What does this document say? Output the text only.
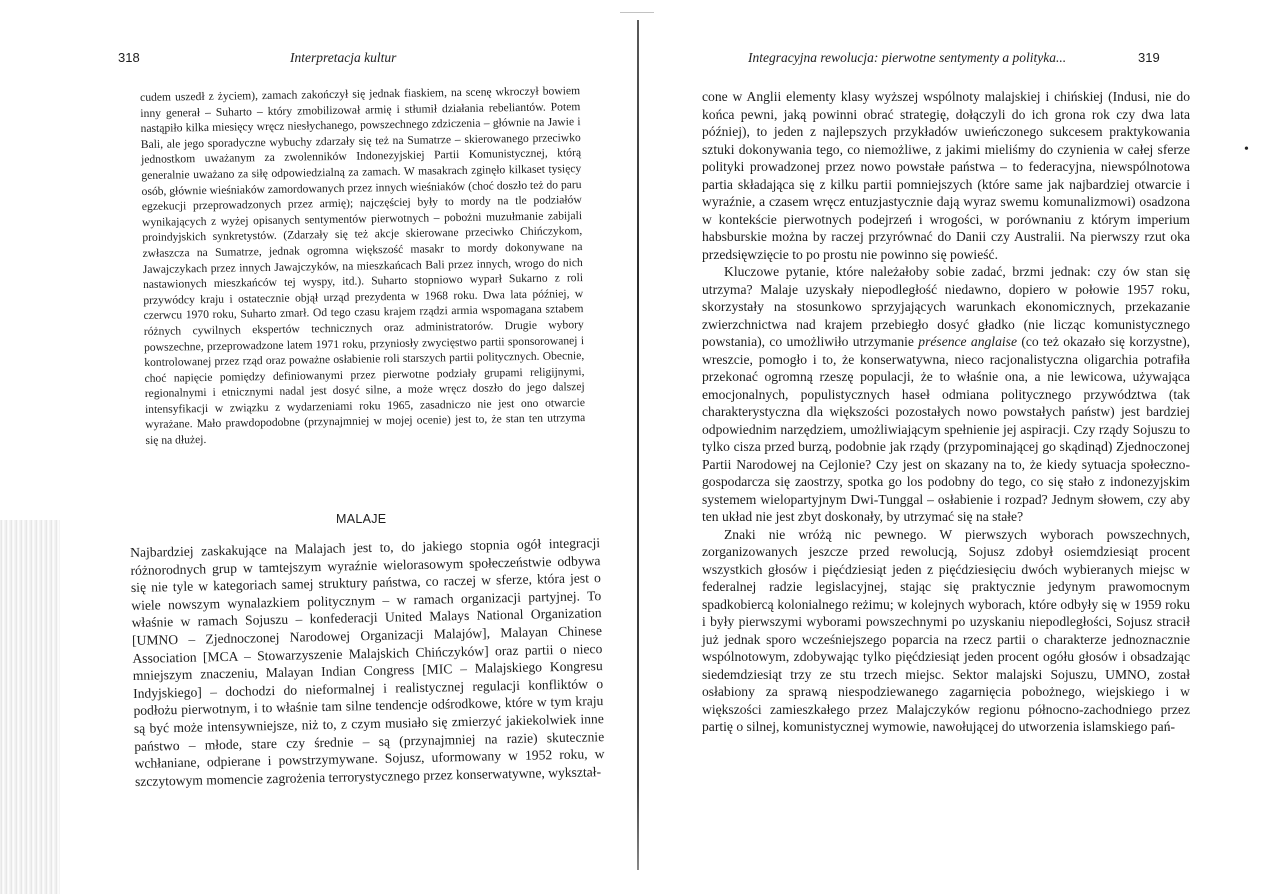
318	Interpretacja kultur

cudem uszedł z życiem), zamach zakończył się jednak fiaskiem, na scenę wkroczył bowiem inny generał – Suharto – który zmobilizował armię i stłumił działania rebeliantów. Potem nastąpiło kilka miesięcy wręcz niesłychanego, powszechnego zdziczenia – głównie na Jawie i Bali, ale jego sporadyczne wybuchy zdarzały się też na Sumatrze – skierowanego przeciwko jednostkom uważanym za zwolenników Indonezyjskiej Partii Komunistycznej, którą generalnie uważano za siłę odpowiedzialną za zamach. W masakrach zginęło kilkaset tysięcy osób, głównie wieśniaków zamordowanych przez innych wieśniaków (choć doszło też do paru egzekucji przeprowadzonych przez armię); najczęściej były to mordy na tle podziałów wynikających z wyżej opisanych sentymentów pierwotnych – pobożni muzułmanie zabijali proindyjskich synkretystów. (Zdarzały się też akcje skierowane przeciwko Chińczykom, zwłaszcza na Sumatrze, jednak ogromna większość masakr to mordy dokonywane na Jawajczykach przez innych Jawajczyków, na mieszkańcach Bali przez innych, wrogo do nich nastawionych mieszkańców tej wyspy, itd.). Suharto stopniowo wyparł Sukarno z roli przywódcy kraju i ostatecznie objął urząd prezydenta w 1968 roku. Dwa lata później, w czerwcu 1970 roku, Suharto zmarł. Od tego czasu krajem rządzi armia wspomagana sztabem różnych cywilnych ekspertów technicznych oraz administratorów. Drugie wybory powszechne, przeprowadzone latem 1971 roku, przyniosły zwycięstwo partii sponsorowanej i kontrolowanej przez rząd oraz poważne osłabienie roli starszych partii politycznych. Obecnie, choć napięcie pomiędzy definiowanymi przez pierwotne podziały grupami religijnymi, regionalnymi i etnicznymi nadal jest dosyć silne, a może wręcz doszło do jego dalszej intensyfikacji w związku z wydarzeniami roku 1965, zasadniczo nie jest ono otwarcie wyrażane. Mało prawdopodobne (przynajmniej w mojej ocenie) jest to, że stan ten utrzyma się na dłużej.

MALAJE

Najbardziej zaskakujące na Malajach jest to, do jakiego stopnia ogół integracji różnorodnych grup w tamtejszym wyraźnie wielorasowym społeczeństwie odbywa się nie tyle w kategoriach samej struktury państwa, co raczej w sferze, która jest o wiele nowszym wynalazkiem politycznym – w ramach organizacji partyjnej. To właśnie w ramach Sojuszu – konfederacji United Malays National Organization [UMNO – Zjednoczonej Narodowej Organizacji Malajów], Malayan Chinese Association [MCA – Stowarzyszenie Malajskich Chińczyków] oraz partii o nieco mniejszym znaczeniu, Malayan Indian Congress [MIC – Malajskiego Kongresu Indyjskiego] – dochodzi do nieformalnej i realistycznej regulacji konfliktów o podłożu pierwotnym, i to właśnie tam silne tendencje odśrodkowe, które w tym kraju są być może intensywniejsze, niż to, z czym musiało się zmierzyć jakiekolwiek inne państwo – młode, stare czy średnie – są (przynajmniej na razie) skutecznie wchłaniane, odpierane i powstrzymywane. Sojusz, uformowany w 1952 roku, w szczytowym momencie zagrożenia terrorystycznego przez konserwatywne, wykształ-

Integracyjna rewolucja: pierwotne sentymenty a polityka...	319

cone w Anglii elementy klasy wyższej wspólnoty malajskiej i chińskiej (Indusi, nie do końca pewni, jaką powinni obrać strategię, dołączyli do ich grona rok czy dwa lata później), to jeden z najlepszych przykładów uwieńczonego sukcesem praktykowania sztuki dokonywania tego, co niemożliwe, z jakimi mieliśmy do czynienia w całej sferze polityki prowadzonej przez nowo powstałe państwa – to federacyjna, niewspólnotowa partia składająca się z kilku partii pomniejszych (które same jak najbardziej otwarcie i wyraźnie, a czasem wręcz entuzjastycznie dają wyraz swemu komunalizmowi) osadzona w kontekście pierwotnych podejrzeń i wrogości, w porównaniu z którym imperium habsburskie można by raczej przyrównać do Danii czy Australii. Na pierwszy rzut oka przedsięwzięcie to po prostu nie powinno się powieść.

Kluczowe pytanie, które należałoby sobie zadać, brzmi jednak: czy ów stan się utrzyma? Malaje uzyskały niepodległość niedawno, dopiero w połowie 1957 roku, skorzystały na stosunkowo sprzyjających warunkach ekonomicznych, przekazanie zwierzchnictwa nad krajem przebiegło dosyć gładko (nie licząc komunistycznego powstania), co umożliwiło utrzymanie présence anglaise (co też okazało się korzystne), wreszcie, pomogło i to, że konserwatywna, nieco racjonalistyczna oligarchia potrafiła przekonać ogromną rzeszę populacji, że to właśnie ona, a nie lewicowa, używająca emocjonalnych, populistycznych haseł odmiana politycznego przywództwa (tak charakterystyczna dla większości pozostałych nowo powstałych państw) jest bardziej odpowiednim narzędziem, umożliwiającym spełnienie jej aspiracji. Czy rządy Sojuszu to tylko cisza przed burzą, podobnie jak rządy (przypominającej go skądinąd) Zjednoczonej Partii Narodowej na Cejlonie? Czy jest on skazany na to, że kiedy sytuacja społeczno-gospodarcza się zaostrzy, spotka go los podobny do tego, co się stało z indonezyjskim systemem wielopartyjnym Dwi-Tunggal – osłabienie i rozpad? Jednym słowem, czy aby ten układ nie jest zbyt doskonały, by utrzymać się na stałe?

Znaki nie wróżą nic pewnego. W pierwszych wyborach powszechnych, zorganizowanych jeszcze przed rewolucją, Sojusz zdobył osiemdziesiąt procent wszystkich głosów i pięćdziesiąt jeden z pięćdziesięciu dwóch wybieranych miejsc w federalnej radzie legislacyjnej, stając się praktycznie jedynym prawomocnym spadkobiercą kolonialnego reżimu; w kolejnych wyborach, które odbyły się w 1959 roku i były pierwszymi wyborami powszechnymi po uzyskaniu niepodległości, Sojusz stracił już jednak sporo wcześniejszego poparcia na rzecz partii o charakterze jednoznacznie wspólnotowym, zdobywając tylko pięćdziesiąt jeden procent ogółu głosów i obsadzając siedemdziesiąt trzy ze stu trzech miejsc. Sektor malajski Sojuszu, UMNO, został osłabiony za sprawą niespodziewanego zagarnięcia pobożnego, wiejskiego i w większości zamieszkałego przez Malajczyków regionu północno-zachodniego przez partię o silnej, komunistycznej wymowie, nawołującej do utworzenia islamskiego pań-

•
